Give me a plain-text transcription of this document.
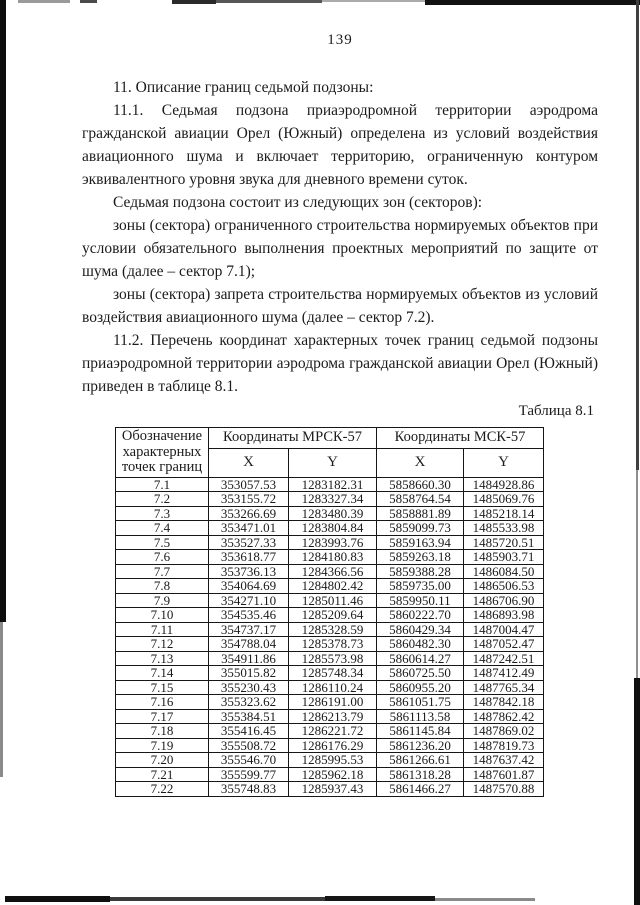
139

11. Описание границ седьмой подзоны:

11.1. Седьмая подзона приаэродромной территории аэродрома гражданской авиации Орел (Южный) определена из условий воздействия авиационного шума и включает территорию, ограниченную контуром эквивалентного уровня звука для дневного времени суток.

Седьмая подзона состоит из следующих зон (секторов):

зоны (сектора) ограниченного строительства нормируемых объектов при условии обязательного выполнения проектных мероприятий по защите от шума (далее – сектор 7.1);

зоны (сектора) запрета строительства нормируемых объектов из условий воздействия авиационного шума (далее – сектор 7.2).

11.2. Перечень координат характерных точек границ седьмой подзоны приаэродромной территории аэродрома гражданской авиации Орел (Южный) приведен в таблице 8.1.

Таблица 8.1
Обозначение характерных точек границ	Координаты МРСК-57		Координаты МСК-57	
	X	Y	X	Y
7.1	353057.53	1283182.31	5858660.30	1484928.86
7.2	353155.72	1283327.34	5858764.54	1485069.76
7.3	353266.69	1283480.39	5858881.89	1485218.14
7.4	353471.01	1283804.84	5859099.73	1485533.98
7.5	353527.33	1283993.76	5859163.94	1485720.51
7.6	353618.77	1284180.83	5859263.18	1485903.71
7.7	353736.13	1284366.56	5859388.28	1486084.50
7.8	354064.69	1284802.42	5859735.00	1486506.53
7.9	354271.10	1285011.46	5859950.11	1486706.90
7.10	354535.46	1285209.64	5860222.70	1486893.98
7.11	354737.17	1285328.59	5860429.34	1487004.47
7.12	354788.04	1285378.73	5860482.30	1487052.47
7.13	354911.86	1285573.98	5860614.27	1487242.51
7.14	355015.82	1285748.34	5860725.50	1487412.49
7.15	355230.43	1286110.24	5860955.20	1487765.34
7.16	355323.62	1286191.00	5861051.75	1487842.18
7.17	355384.51	1286213.79	5861113.58	1487862.42
7.18	355416.45	1286221.72	5861145.84	1487869.02
7.19	355508.72	1286176.29	5861236.20	1487819.73
7.20	355546.70	1285995.53	5861266.61	1487637.42
7.21	355599.77	1285962.18	5861318.28	1487601.87
7.22	355748.83	1285937.43	5861466.27	1487570.88
